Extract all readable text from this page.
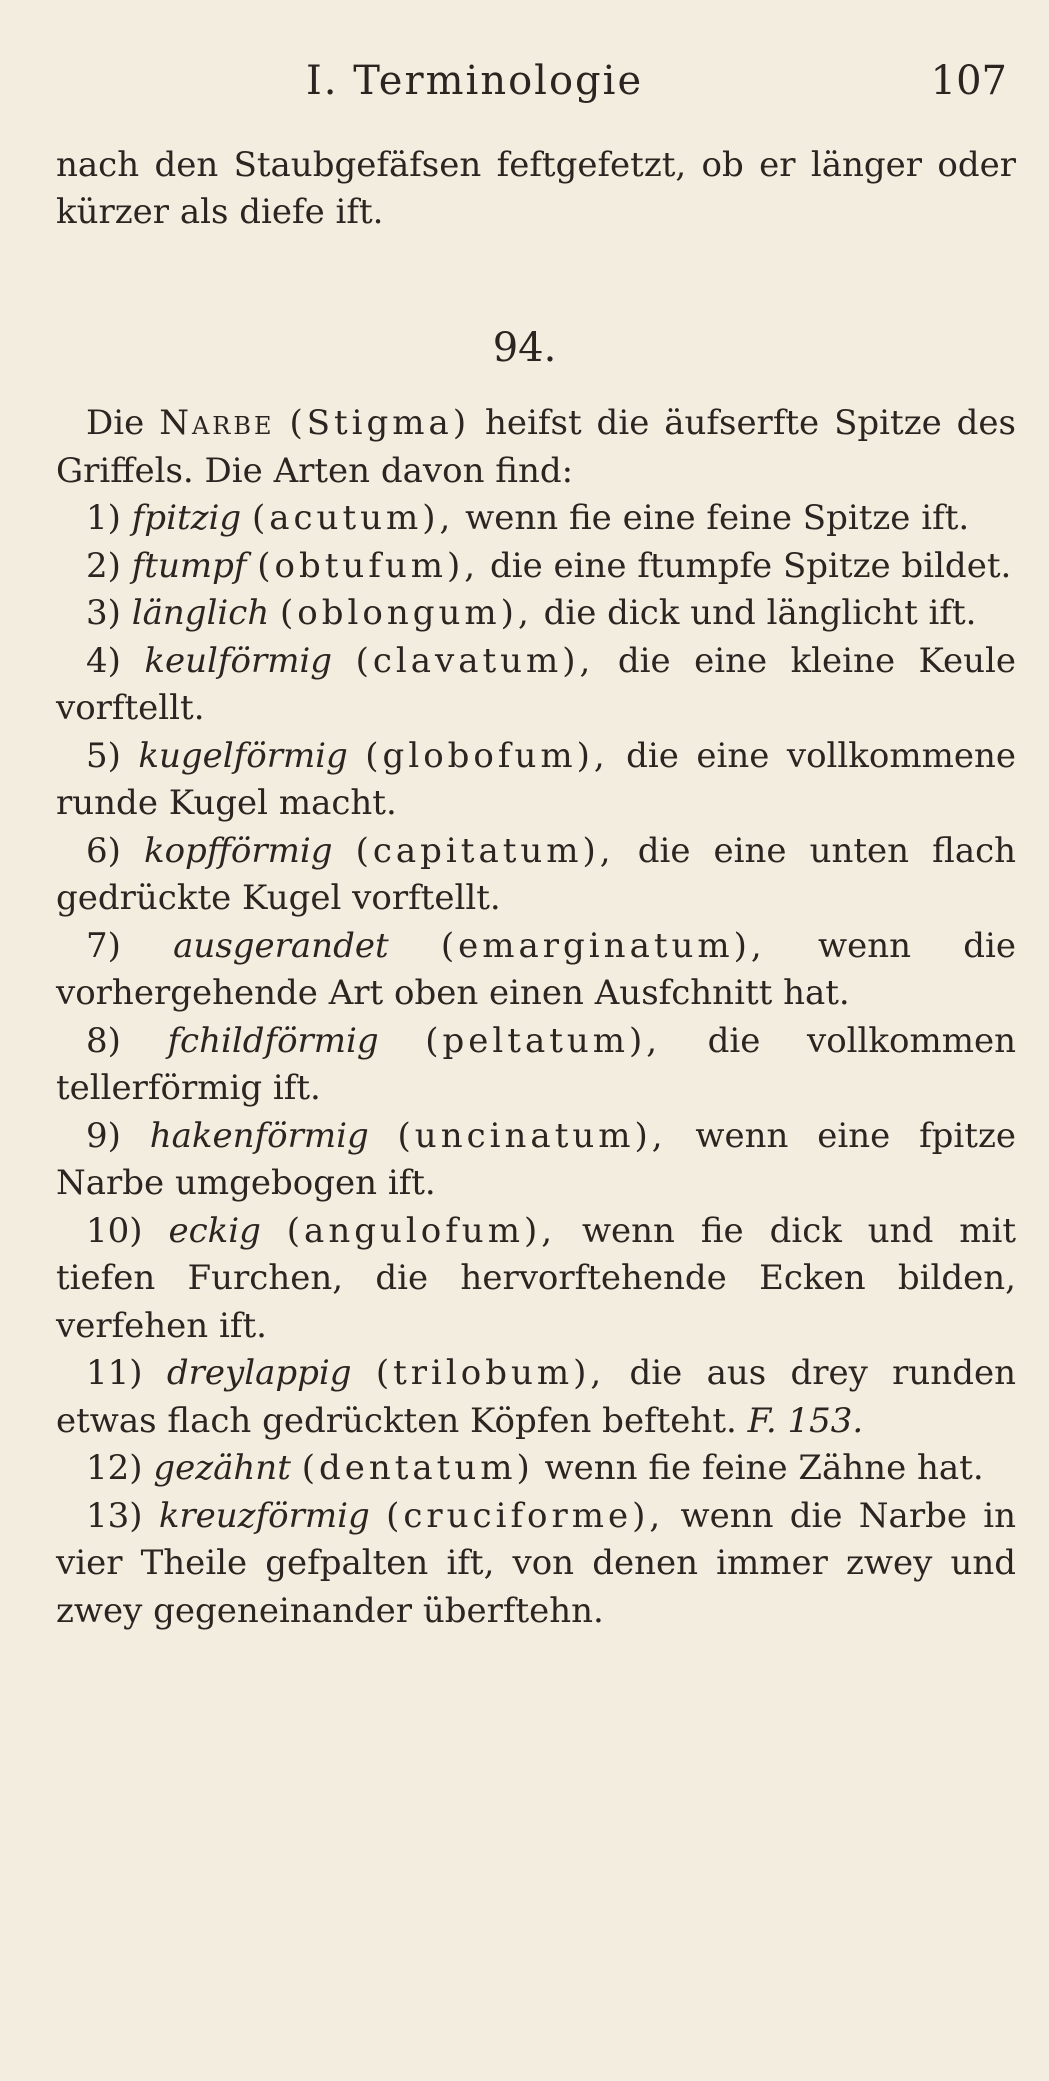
I. Terminologie	107
nach den Staubgefäfsen feftgefetzt, ob er länger oder kürzer als diefe ift.
94.

Die Narbe (Stigma) heifst die äufserfte Spitze des Griffels. Die Arten davon find:

1) fpitzig (acutum), wenn fie eine feine Spitze ift.

2) ftumpf (obtufum), die eine ftumpfe Spitze bildet.

3) länglich (oblongum), die dick und länglicht ift.

4) keulförmig (clavatum), die eine kleine Keule vorftellt.

5) kugelförmig (globofum), die eine vollkommene runde Kugel macht.

6) kopfförmig (capitatum), die eine unten flach gedrückte Kugel vorftellt.

7) ausgerandet (emarginatum), wenn die vorhergehende Art oben einen Ausfchnitt hat.

8) fchildförmig (peltatum), die vollkommen tellerförmig ift.

9) hakenförmig (uncinatum), wenn eine fpitze Narbe umgebogen ift.

10) eckig (angulofum), wenn fie dick und mit tiefen Furchen, die hervorftehende Ecken bilden, verfehen ift.

11) dreylappig (trilobum), die aus drey runden etwas flach gedrückten Köpfen befteht. F. 153.

12) gezähnt (dentatum) wenn fie feine Zähne hat.

13) kreuzförmig (cruciforme), wenn die Narbe in vier Theile gefpalten ift, von denen immer zwey und zwey gegeneinander überftehn.
